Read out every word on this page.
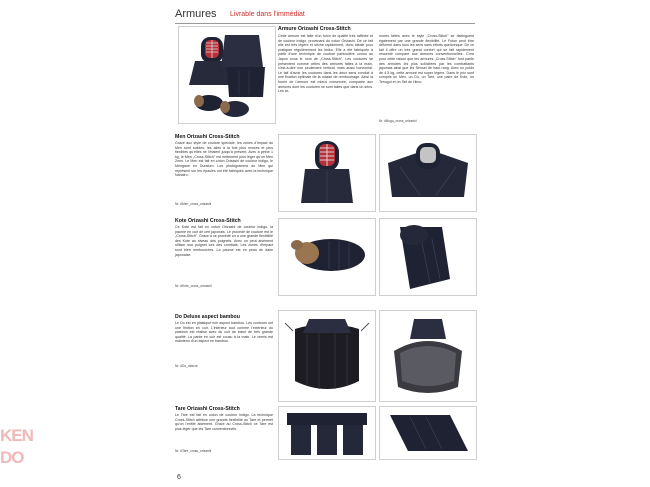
Armures Livrable dans l'immédiat
Armure Orizashi Cross-Stitch
Cette armure est faite d'un futon de qualité très raffinée et de couleur indigo, provenant du coton Orizashi. De ce fait elle est très légère et sèche rapidement, donc idéale pour pratiquer régulièrement les keiko. Elle a été fabriquée à partir d'une technique de couture particulière connu au Japon sous le nom de „Cross-Stitch". Les coutures se présentent comme celles des armures faites à la main, c'est-à-dire non seulement vertical, mais aussi horizontal. Le fait d'avoir les coutures dans les deux sens conduit à une fixation optimale de la masse de rembourrage. Ainsi la forme de l'armure est mieux conservée, comparée aux armures dont les coutures ne sont faites que dans un sens. Les ar-
mures faites avec le style „Cross-Stitch" se distinguent également par une grande flexibilité. Le Futon peut être déformé dans tous les sens sans efforts quelconque. De ce fait il offre un très grand confort qui se fait rapidement ressentir comparé aux armures conventionnelles. C'est pour cette raison que les armures „Cross-Stitch" font partie des armures les plus sollicitées par les combattants japonais ainsi que les Sensei de haut rang. Avec un poids de 4.5 kg, cette armure est super légère. Dans le prix sont compris un Men, un Do, un Tare, une paire de Kote, un Tenugui et un Set de Himo.
Nr. #Bogu_cross_orizashi
Men Orizashi Cross-Stitch
Grace aux style de couture spéciale, les zones d'impact du Men sont solides, les ailes à la fois plus minces et plus flexibles qu'elles ne l'étaient jusqu'à présent. Avec à peine 1 kg, le Men „Cross-Stitch" est nettement plus léger qu'un Men 2mm. Le Men est fait en coton Orizashi de couleur indigo, le Mengane en Duralum. Les photogramme du Men qui représent sur les épaules ont été fabriqués avec la technique Nanairo.
Nr. #Men_cross_orizashi
Kote Orizashi Cross-Stitch
Ce Kote est fait en coton Orizashi de couleur indigo, la paume en cuir de cerf japonais. Le procédé de couture est le „Cross-Stitch". Grace à ce procédé on a une grande flexibilité des Kote au niveau des poignets. Avec on peut aisément utiliser son poignet lors des combats. Les zones d'impact sont bien rembourrées. La paume est en peau de daim japonaise.
Nr. #Kote_cross_orizashi
Do Deluxe aspect bambou
Le Do est en plastique noir aspect bambou. Les contours ont une finition en cuir. L'intérieur tout comme l'extérieur du plastron est réalisé avec du cuir de bœuf de très grande qualité. La partie en cuir est cousu à la main. Le vernis est maintenu d'un aspect en bambou.
Nr. #Do_deluxe
Tare Orizashi Cross-Stitch
Le Tare est fait en coton de couleur indigo. La technique Cross-Stitch attribue une grande flexibilité au Tare et permet qu'on l'enfile aisément. Grace au Cross-Stitch ce Tare est plus léger que les Tare conventionnels.
Nr. #Tare_cross_orizashi
6
KEN
DO
